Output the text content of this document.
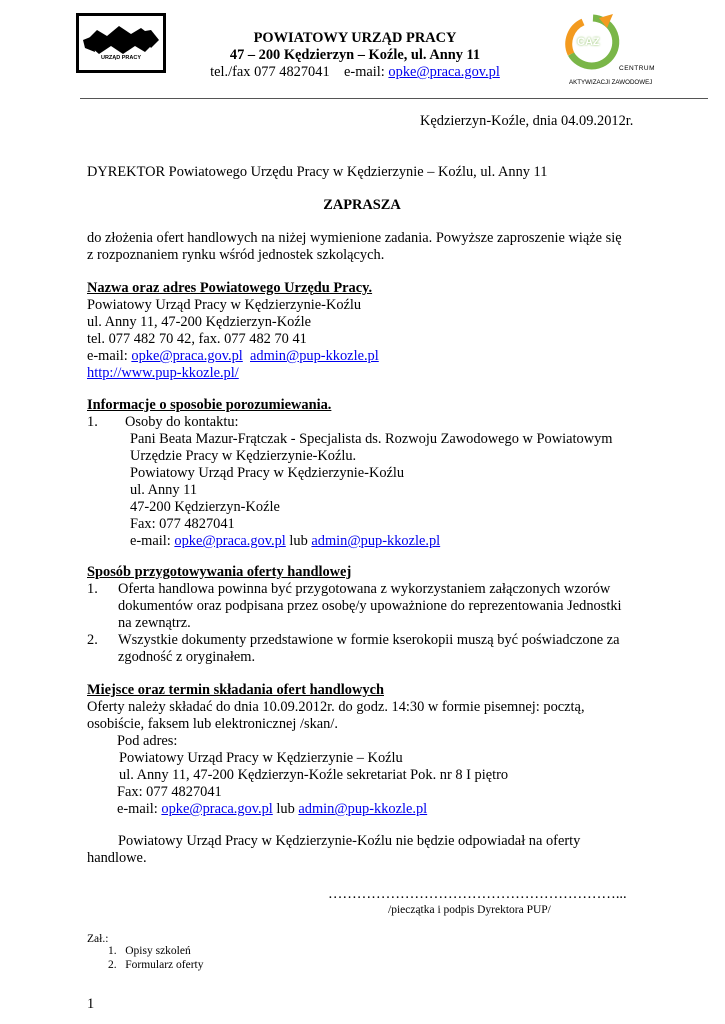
URZĄD PRACY
POWIATOWY URZĄD PRACY
47 – 200 Kędzierzyn – Koźle, ul. Anny 11
tel./fax 077 4827041 e-mail: opke@praca.gov.pl
CAZ
CENTRUM
AKTYWIZACJI ZAWODOWEJ
Kędzierzyn-Koźle, dnia 04.09.2012r.
DYREKTOR Powiatowego Urzędu Pracy w Kędzierzynie – Koźlu, ul. Anny 11
ZAPRASZA
do złożenia ofert handlowych na niżej wymienione zadania. Powyższe zaproszenie wiąże się
z rozpoznaniem rynku wśród jednostek szkolących.
Nazwa oraz adres Powiatowego Urzędu Pracy.
Powiatowy Urząd Pracy w Kędzierzynie-Koźlu
ul. Anny 11, 47-200 Kędzierzyn-Koźle
tel. 077 482 70 42, fax. 077 482 70 41
e-mail: opke@praca.gov.pl admin@pup-kkozle.pl
http://www.pup-kkozle.pl/
Informacje o sposobie porozumiewania.
1. Osoby do kontaktu:
Pani Beata Mazur-Frątczak - Specjalista ds. Rozwoju Zawodowego w Powiatowym
Urzędzie Pracy w Kędzierzynie-Koźlu.
Powiatowy Urząd Pracy w Kędzierzynie-Koźlu
ul. Anny 11
47-200 Kędzierzyn-Koźle
Fax: 077 4827041
e-mail: opke@praca.gov.pl lub admin@pup-kkozle.pl
Sposób przygotowywania oferty handlowej
1. Oferta handlowa powinna być przygotowana z wykorzystaniem załączonych wzorów
dokumentów oraz podpisana przez osobę/y upoważnione do reprezentowania Jednostki
na zewnątrz.
2. Wszystkie dokumenty przedstawione w formie kserokopii muszą być poświadczone za
zgodność z oryginałem.
Miejsce oraz termin składania ofert handlowych
Oferty należy składać do dnia 10.09.2012r. do godz. 14:30 w formie pisemnej: pocztą,
osobiście, faksem lub elektronicznej /skan/.
Pod adres:
Powiatowy Urząd Pracy w Kędzierzynie – Koźlu
ul. Anny 11, 47-200 Kędzierzyn-Koźle sekretariat Pok. nr 8 I piętro
Fax: 077 4827041
e-mail: opke@praca.gov.pl lub admin@pup-kkozle.pl
Powiatowy Urząd Pracy w Kędzierzynie-Koźlu nie będzie odpowiadał na oferty
handlowe.
……………………………………………………...
/pieczątka i podpis Dyrektora PUP/
Zał.:
1. Opisy szkoleń
2. Formularz oferty
1
